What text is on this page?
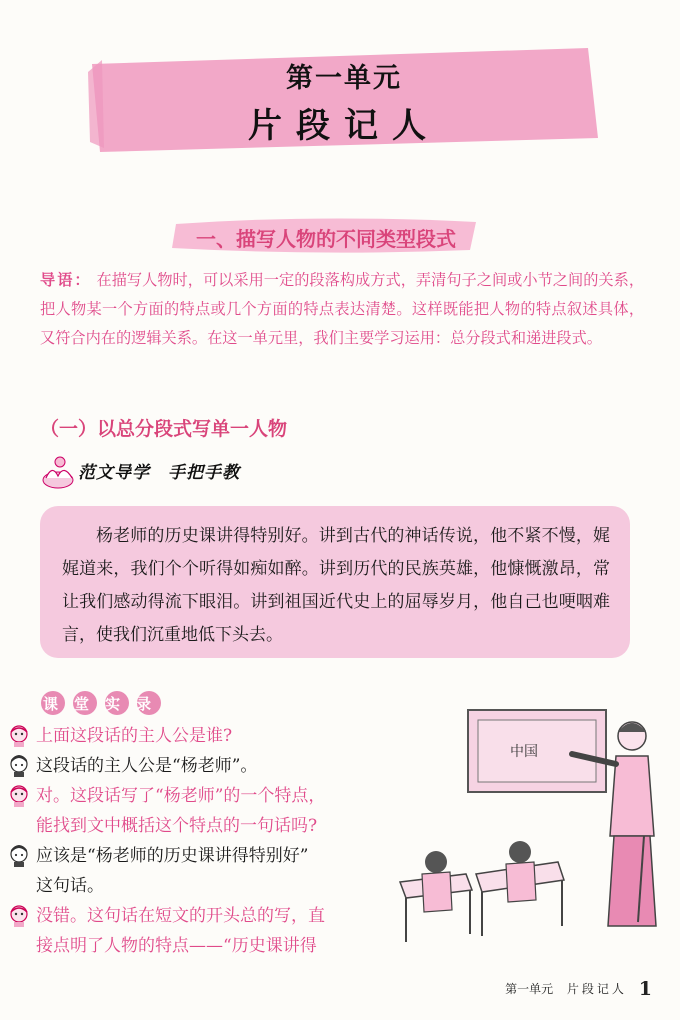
第一单元
片段记人
一、描写人物的不同类型段式
导语： 在描写人物时，可以采用一定的段落构成方式，弄清句子之间或小节之间的关系，把人物某一个方面的特点或几个方面的特点表达清楚。这样既能把人物的特点叙述具体，又符合内在的逻辑关系。在这一单元里，我们主要学习运用：总分段式和递进段式。
（一）以总分段式写单一人物
范文导学　手把手教

杨老师的历史课讲得特别好。讲到古代的神话传说，他不紧不慢，娓娓道来，我们个个听得如痴如醉。讲到历代的民族英雄，他慷慨激昂，常让我们感动得流下眼泪。讲到祖国近代史上的屈辱岁月，他自己也哽咽难言，使我们沉重地低下头去。

课堂实录
上面这段话的主人公是谁?
这段话的主人公是“杨老师”。
对。这段话写了“杨老师”的一个特点，
能找到文中概括这个特点的一句话吗?
应该是“杨老师的历史课讲得特别好”
这句话。
没错。这句话在短文的开头总的写，直
接点明了人物的特点——“历史课讲得
中国
第一单元 片段记人 1
